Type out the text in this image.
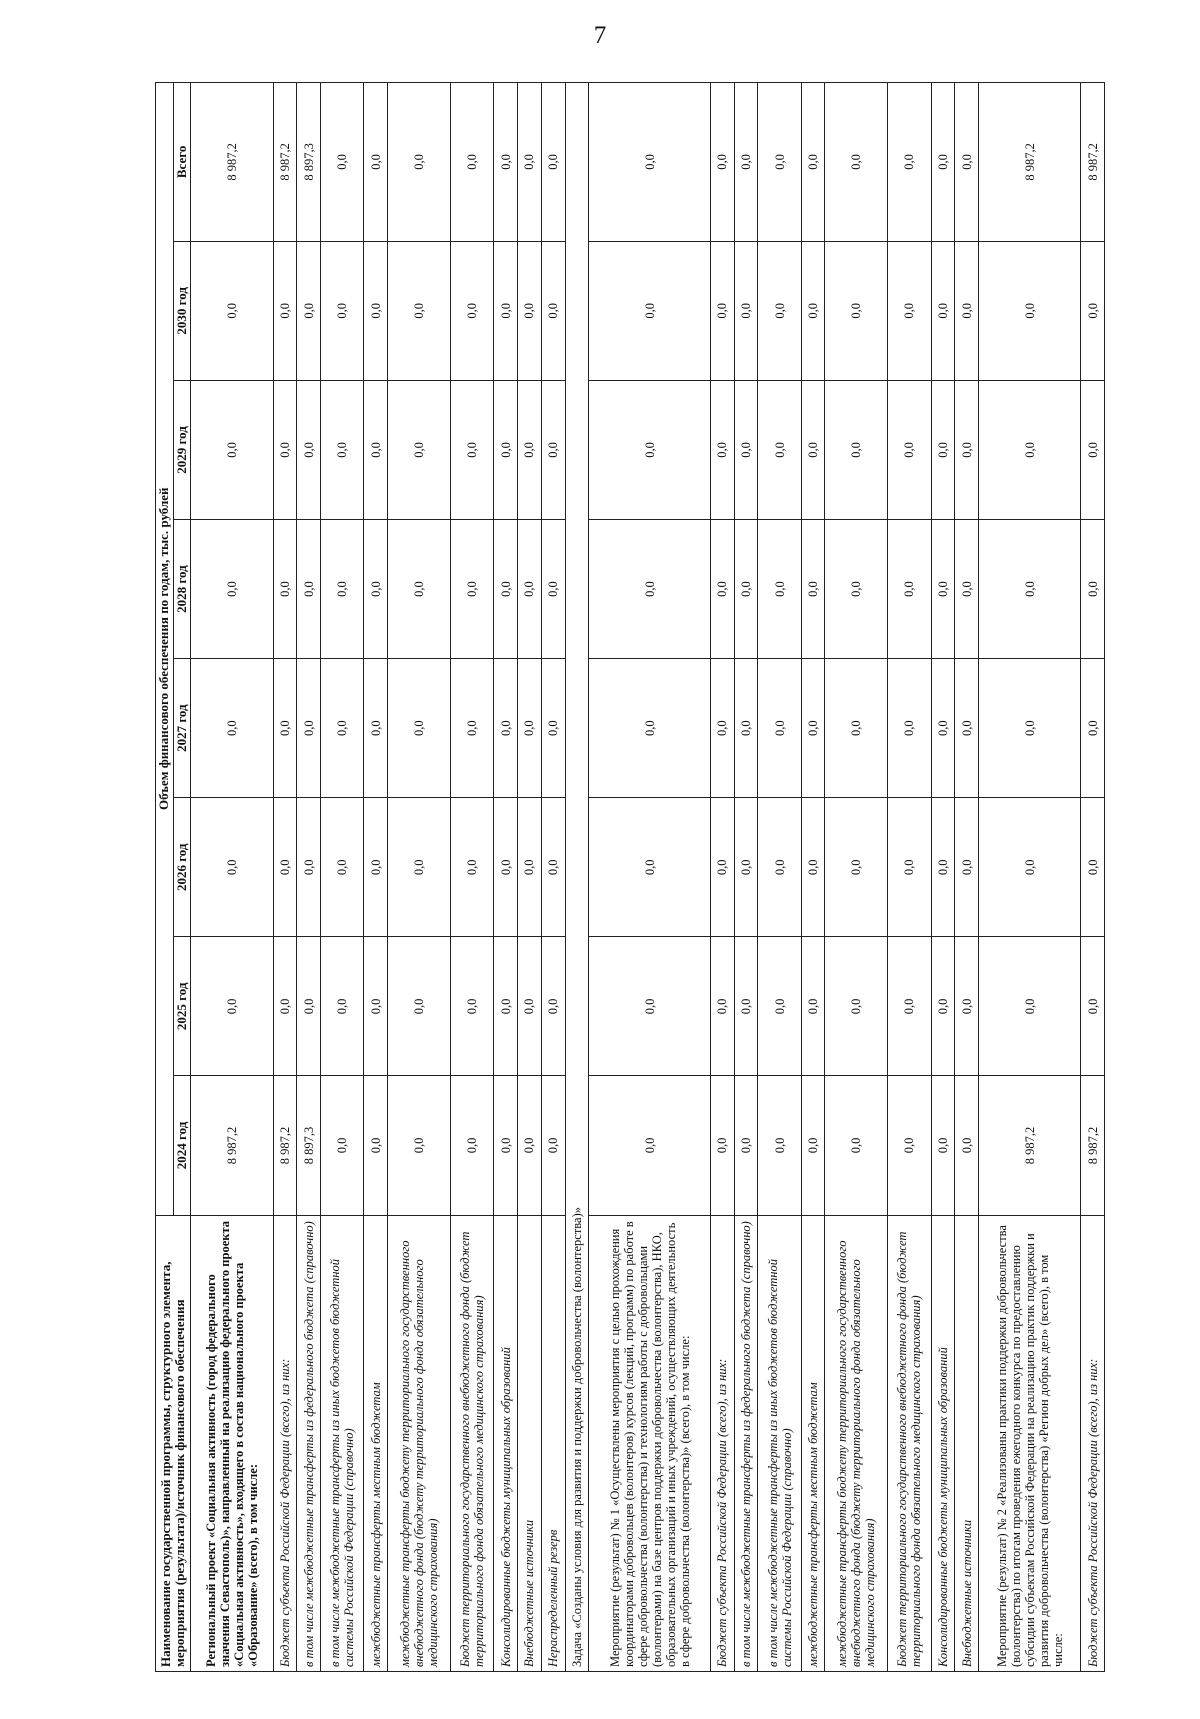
7
Наименование государственной программы, структурного элемента, мероприятия (результата)/источник финансового обеспечения	Объем финансового обеспечения по годам, тыс. рублей							
	2024 год	2025 год	2026 год	2027 год	2028 год	2029 год	2030 год	Всего
Региональный проект «Социальная активность (город федерального значения Севастополь)», направленный на реализацию федерального проекта «Социальная активность», входящего в состав национального проекта «Образование» (всего), в том числе:	8 987,2	0,0	0,0	0,0	0,0	0,0	0,0	8 987,2
Бюджет субъекта Российской Федерации (всего), из них:	8 987,2	0,0	0,0	0,0	0,0	0,0	0,0	8 987,2
в том числе межбюджетные трансферты из федерального бюджета (справочно)	8 897,3	0,0	0,0	0,0	0,0	0,0	0,0	8 897,3
в том числе межбюджетные трансферты из иных бюджетов бюджетной системы Российской Федерации (справочно)	0,0	0,0	0,0	0,0	0,0	0,0	0,0	0,0
межбюджетные трансферты местным бюджетам	0,0	0,0	0,0	0,0	0,0	0,0	0,0	0,0
межбюджетные трансферты бюджету территориального государственного внебюджетного фонда (бюджету территориального фонда обязательного медицинского страхования)	0,0	0,0	0,0	0,0	0,0	0,0	0,0	0,0
Бюджет территориального государственного внебюджетного фонда (бюджет территориального фонда обязательного медицинского страхования)	0,0	0,0	0,0	0,0	0,0	0,0	0,0	0,0
Консолидированные бюджеты муниципальных образований	0,0	0,0	0,0	0,0	0,0	0,0	0,0	0,0
Внебюджетные источники	0,0	0,0	0,0	0,0	0,0	0,0	0,0	0,0
Нераспределенный резерв	0,0	0,0	0,0	0,0	0,0	0,0	0,0	0,0
Задача «Созданы условия для развития и поддержки добровольчества (волонтерства)»								
Мероприятие (результат) № 1 «Осуществлены мероприятия с целью прохождения координаторами добровольцев (волонтеров) курсов (лекций, программ) по работе в сфере добровольчества (волонтерства) и технологиям работы с добровольцами (волонтерами) на базе центров поддержки добровольчества (волонтерства), НКО, образовательных организаций и иных учреждений, осуществляющих деятельность в сфере добровольчества (волонтерства)» (всего), в том числе:	0,0	0,0	0,0	0,0	0,0	0,0	0,0	0,0
Бюджет субъекта Российской Федерации (всего), из них:	0,0	0,0	0,0	0,0	0,0	0,0	0,0	0,0
в том числе межбюджетные трансферты из федерального бюджета (справочно)	0,0	0,0	0,0	0,0	0,0	0,0	0,0	0,0
в том числе межбюджетные трансферты из иных бюджетов бюджетной системы Российской Федерации (справочно)	0,0	0,0	0,0	0,0	0,0	0,0	0,0	0,0
межбюджетные трансферты местным бюджетам	0,0	0,0	0,0	0,0	0,0	0,0	0,0	0,0
межбюджетные трансферты бюджету территориального государственного внебюджетного фонда (бюджету территориального фонда обязательного медицинского страхования)	0,0	0,0	0,0	0,0	0,0	0,0	0,0	0,0
Бюджет территориального государственного внебюджетного фонда (бюджет территориального фонда обязательного медицинского страхования)	0,0	0,0	0,0	0,0	0,0	0,0	0,0	0,0
Консолидированные бюджеты муниципальных образований	0,0	0,0	0,0	0,0	0,0	0,0	0,0	0,0
Внебюджетные источники	0,0	0,0	0,0	0,0	0,0	0,0	0,0	0,0
Мероприятие (результат) № 2 «Реализованы практики поддержки добровольчества (волонтерства) по итогам проведения ежегодного конкурса по предоставлению субсидии субъектам Российской Федерации на реализацию практик поддержки и развития добровольчества (волонтерства) «Регион добрых дел» (всего), в том числе:	8 987,2	0,0	0,0	0,0	0,0	0,0	0,0	8 987,2
Бюджет субъекта Российской Федерации (всего), из них:	8 987,2	0,0	0,0	0,0	0,0	0,0	0,0	8 987,2
